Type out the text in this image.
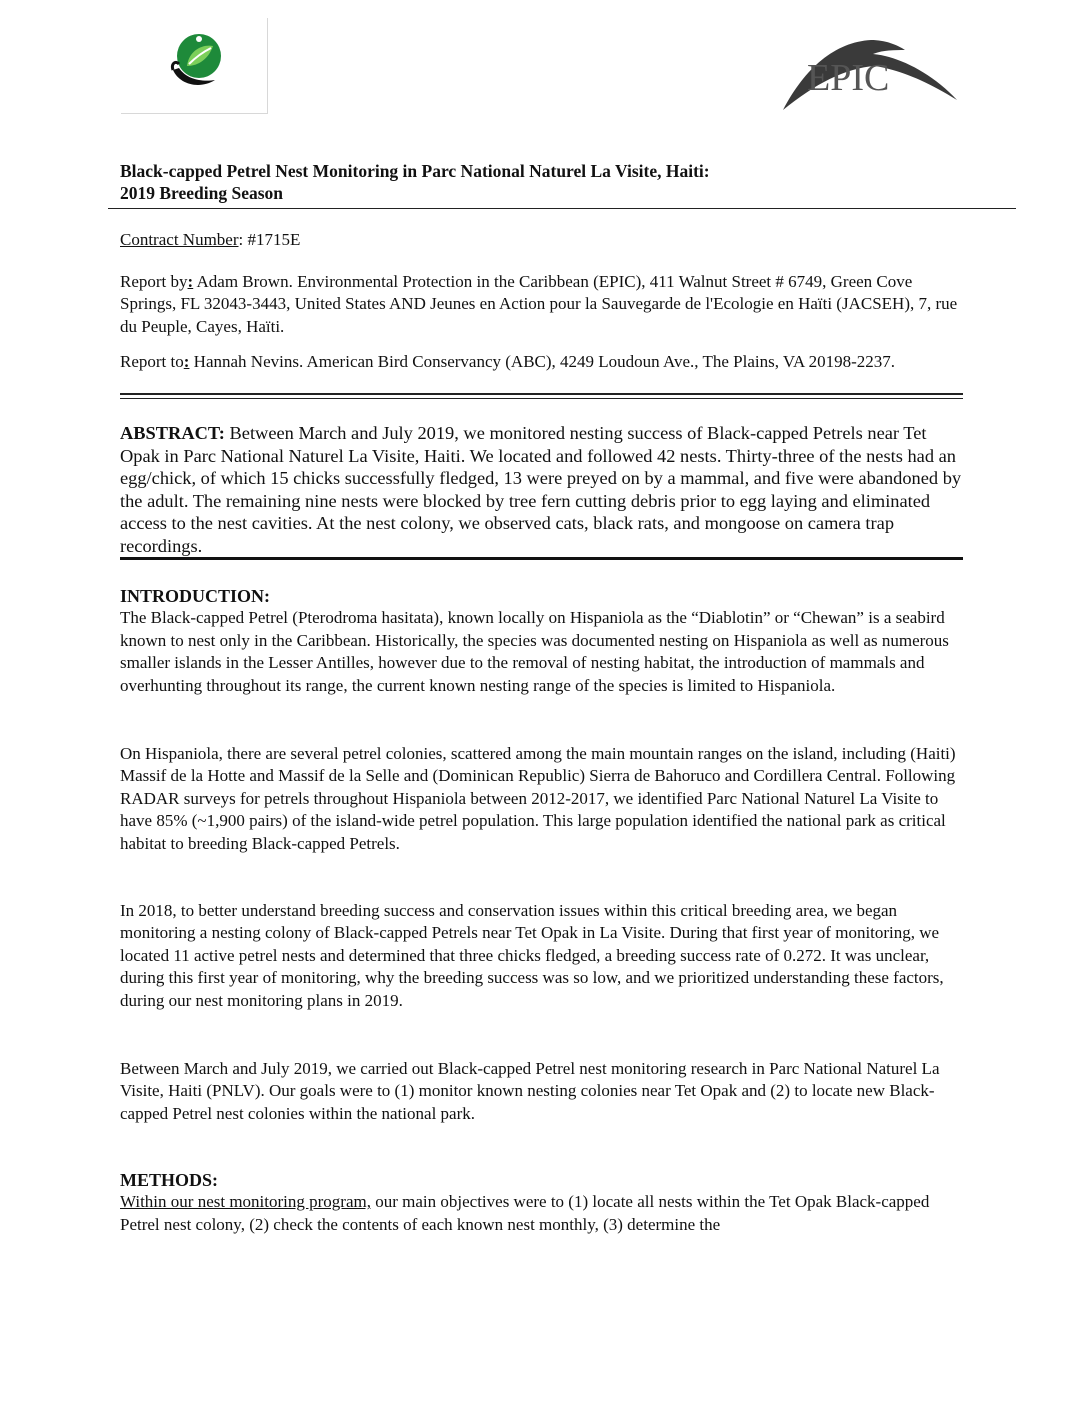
EPIC
Black-capped Petrel Nest Monitoring in Parc National Naturel La Visite, Haiti:
2019 Breeding Season
Contract Number: #1715E
Report by: Adam Brown. Environmental Protection in the Caribbean (EPIC), 411 Walnut Street # 6749, Green Cove Springs, FL 32043-3443, United States AND Jeunes en Action pour la Sauvegarde de l'Ecologie en Haïti (JACSEH), 7, rue du Peuple, Cayes, Haïti.
Report to: Hannah Nevins. American Bird Conservancy (ABC), 4249 Loudoun Ave., The Plains, VA 20198-2237.
ABSTRACT: Between March and July 2019, we monitored nesting success of Black-capped Petrels near Tet Opak in Parc National Naturel La Visite, Haiti. We located and followed 42 nests. Thirty-three of the nests had an egg/chick, of which 15 chicks successfully fledged, 13 were preyed on by a mammal, and five were abandoned by the adult. The remaining nine nests were blocked by tree fern cutting debris prior to egg laying and eliminated access to the nest cavities. At the nest colony, we observed cats, black rats, and mongoose on camera trap recordings.
INTRODUCTION:
The Black-capped Petrel (Pterodroma hasitata), known locally on Hispaniola as the “Diablotin” or “Chewan” is a seabird known to nest only in the Caribbean. Historically, the species was documented nesting on Hispaniola as well as numerous smaller islands in the Lesser Antilles, however due to the removal of nesting habitat, the introduction of mammals and overhunting throughout its range, the current known nesting range of the species is limited to Hispaniola.
On Hispaniola, there are several petrel colonies, scattered among the main mountain ranges on the island, including (Haiti) Massif de la Hotte and Massif de la Selle and (Dominican Republic) Sierra de Bahoruco and Cordillera Central. Following RADAR surveys for petrels throughout Hispaniola between 2012-2017, we identified Parc National Naturel La Visite to have 85% (~1,900 pairs) of the island-wide petrel population. This large population identified the national park as critical habitat to breeding Black-capped Petrels.
In 2018, to better understand breeding success and conservation issues within this critical breeding area, we began monitoring a nesting colony of Black-capped Petrels near Tet Opak in La Visite. During that first year of monitoring, we located 11 active petrel nests and determined that three chicks fledged, a breeding success rate of 0.272. It was unclear, during this first year of monitoring, why the breeding success was so low, and we prioritized understanding these factors, during our nest monitoring plans in 2019.
Between March and July 2019, we carried out Black-capped Petrel nest monitoring research in Parc National Naturel La Visite, Haiti (PNLV). Our goals were to (1) monitor known nesting colonies near Tet Opak and (2) to locate new Black-capped Petrel nest colonies within the national park.
METHODS:
Within our nest monitoring program, our main objectives were to (1) locate all nests within the Tet Opak Black-capped Petrel nest colony, (2) check the contents of each known nest monthly, (3) determine the
